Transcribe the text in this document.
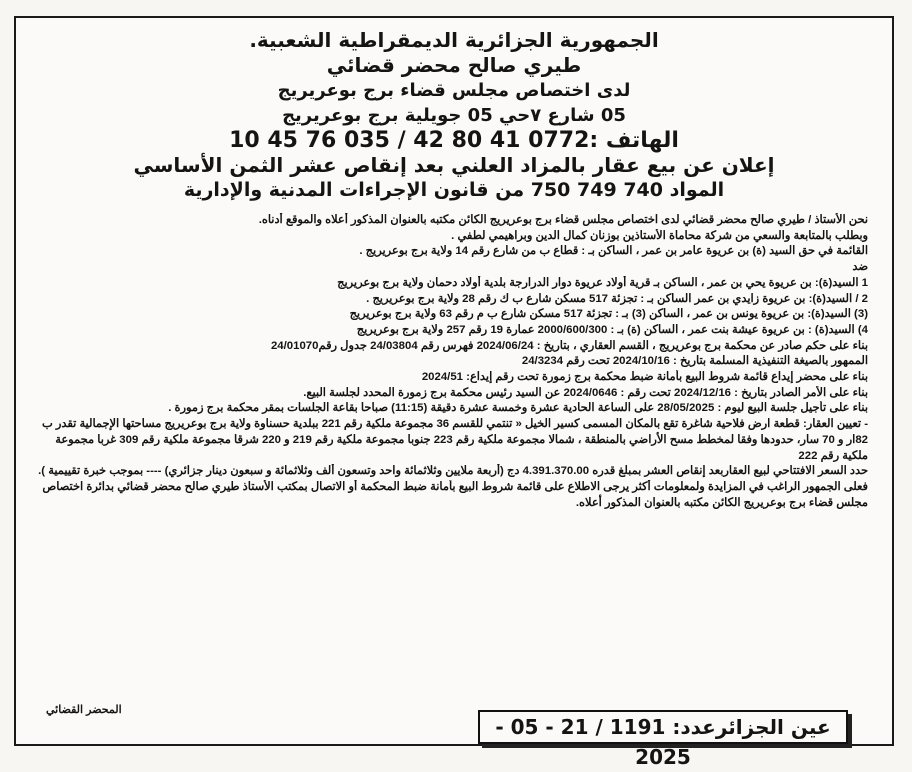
الجمهورية الجزائرية الديمقراطية الشعبية.
طيري صالح محضر قضائي
لدى اختصاص مجلس قضاء برج بوعريريج
05 شارع ٧حي 05 جويلية برج بوعريريج
الهاتف :0772 41 80 42 / 035 76 45 10
إعلان عن بيع عقار بالمزاد العلني بعد إنقاص عشر الثمن الأساسي
المواد 740 749 750 من قانون الإجراءات المدنية والإدارية

نحن الأستاذ / طيري صالح محضر قضائي لدى اختصاص مجلس قضاء برج بوعريريج الكائن مكتبه بالعنوان المذكور أعلاه والموقع أدناه.

وبطلب بالمتابعة والسعي من شركة محاماة الأستاذين بوزنان كمال الدين وبراهيمي لطفي .

القائمة في حق السيد (ة) بن عريوة عامر بن عمر ، الساكن بـ : قطاع ب من شارع رقم 14 ولاية برج بوعريريج .

ضد

1 السيد(ة): بن عريوة يحي بن عمر ، الساكن بـ قرية أولاد عريوة دوار الدرارجة بلدية أولاد دحمان ولاية برج بوعريريج

2 / السيد(ة): بن عريوة زايدي بن عمر الساكن بـ : تجزئة 517 مسكن شارع ب ك رقم 28 ولاية برج بوعريريج .

(3) السيد(ة): بن عريوة يونس بن عمر ، الساكن (3) بـ : تجزئة 517 مسكن شارع ب م رقم 63 ولاية برج بوعريريج

4) السيد(ة) : بن عريوة عيشة بنت عمر ، الساكن (ة) بـ : 2000/600/300 عمارة 19 رقم 257 ولاية برج بوعريريج

بناء على حكم صادر عن محكمة برج بوعريريج ، القسم العقاري ، بتاريخ : 2024/06/24 فهرس رقم 24/03804 جدول رقم24/01070

الممهور بالصيغة التنفيذية المسلمة بتاريخ : 2024/10/16 تحت رقم 24/3234

بناء على محضر إيداع قائمة شروط البيع بأمانة ضبط محكمة برج زمورة تحت رقم إيداع: 2024/51

بناء على الأمر الصادر بتاريخ : 2024/12/16 تحت رقم : 2024/0646 عن السيد رئيس محكمة برج زمورة المحدد لجلسة البيع.

بناء على تأجيل جلسة البيع ليوم : 28/05/2025 على الساعة الحادية عشرة وخمسة عشرة دقيقة (11:15) صباحا بقاعة الجلسات بمقر محكمة برج زمورة .

- تعيين العقار: قطعة ارض فلاحية شاغرة تقع بالمكان المسمى كسير الخيل « تنتمي للقسم 36 مجموعة ملكية رقم 221 ببلدية حسناوة ولاية برج بوعريريج مساحتها الإجمالية تقدر ب 82ار و 70 سار، حدودها وفقا لمخطط مسح الأراضي بالمنطقة ، شمالا مجموعة ملكية رقم 223 جنوبا مجموعة ملكية رقم 219 و 220 شرقا مجموعة ملكية رقم 309 غربا مجموعة ملكية رقم 222

حدد السعر الافتتاحي لبيع العقاربعد إنقاص العشر بمبلغ قدره 4.391.370.00 دج (أربعة ملايين وثلاثمائة واحد وتسعون ألف وثلاثمائة و سبعون دينار جزائري) ---- بموجب خبرة تقييمية ).

فعلى الجمهور الراغب في المزايدة ولمعلومات أكثر يرجى الاطلاع على قائمة شروط البيع بأمانة ضبط المحكمة أو الاتصال بمكتب الأستاذ طيري صالح محضر قضائي بدائرة اختصاص مجلس قضاء برج بوعريريج الكائن مكتبه بالعنوان المذكور أعلاه.

المحضر القضائي
عين الجزائرعدد: 1191 / 21 - 05 - 2025
